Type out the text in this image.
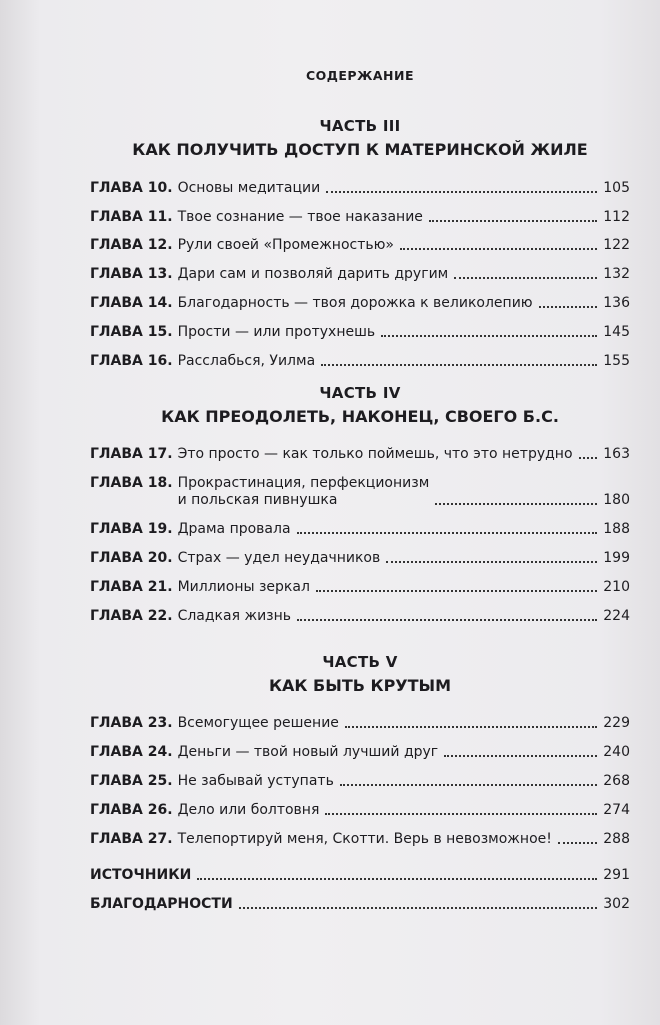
СОДЕРЖАНИЕ
ЧАСТЬ III
КАК ПОЛУЧИТЬ ДОСТУП К МАТЕРИНСКОЙ ЖИЛЕ
ГЛАВА 10. Основы медитации	105
ГЛАВА 11. Твое сознание — твое наказание	112
ГЛАВА 12. Рули своей «Промежностью»	122
ГЛАВА 13. Дари сам и позволяй дарить другим	132
ГЛАВА 14. Благодарность — твоя дорожка к великолепию	136
ГЛАВА 15. Прости — или протухнешь	145
ГЛАВА 16. Расслабься, Уилма	155
ЧАСТЬ IV
КАК ПРЕОДОЛЕТЬ, НАКОНЕЦ, СВОЕГО Б.С.
ГЛАВА 17. Это просто — как только поймешь, что это нетрудно 163
ГЛАВА 18. Прокрастинация, перфекционизм
и польская пивнушка	180
ГЛАВА 19. Драма провала	188
ГЛАВА 20. Страх — удел неудачников	199
ГЛАВА 21. Миллионы зеркал	210
ГЛАВА 22. Сладкая жизнь	224
ЧАСТЬ V
КАК БЫТЬ КРУТЫМ
ГЛАВА 23. Всемогущее решение	229
ГЛАВА 24. Деньги — твой новый лучший друг	240
ГЛАВА 25. Не забывай уступать	268
ГЛАВА 26. Дело или болтовня	274
ГЛАВА 27. Телепортируй меня, Скотти. Верь в невозможное!	288
ИСТОЧНИКИ	291
БЛАГОДАРНОСТИ	302
